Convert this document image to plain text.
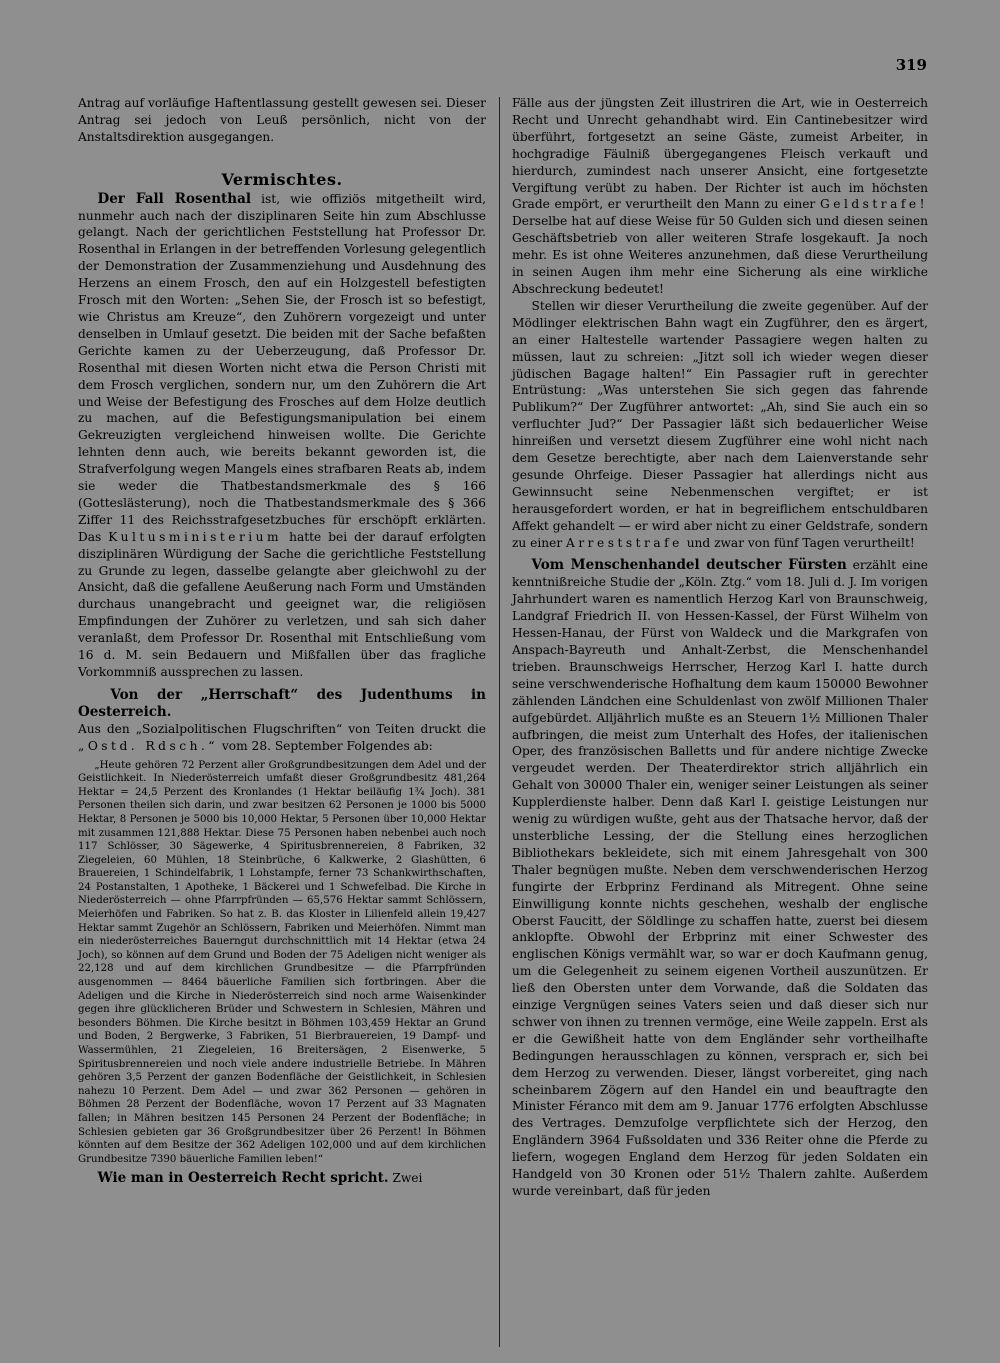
319

Antrag auf vorläufige Haftentlassung gestellt gewesen sei. Dieser Antrag sei jedoch von Leuß persönlich, nicht von der Anstaltsdirektion ausgegangen.

Vermischtes.

Der Fall Rosenthal ist, wie offiziös mitgetheilt wird, nunmehr auch nach der disziplinaren Seite hin zum Abschlusse gelangt. Nach der gerichtlichen Feststellung hat Professor Dr. Rosenthal in Erlangen in der betreffenden Vorlesung gelegentlich der Demonstration der Zusammenziehung und Ausdehnung des Herzens an einem Frosch, den auf ein Holzgestell befestigten Frosch mit den Worten: „Sehen Sie, der Frosch ist so befestigt, wie Christus am Kreuze“, den Zuhörern vorgezeigt und unter denselben in Umlauf gesetzt. Die beiden mit der Sache befaßten Gerichte kamen zu der Ueberzeugung, daß Professor Dr. Rosenthal mit diesen Worten nicht etwa die Person Christi mit dem Frosch verglichen, sondern nur, um den Zuhörern die Art und Weise der Befestigung des Frosches auf dem Holze deutlich zu machen, auf die Befestigungsmanipulation bei einem Gekreuzigten vergleichend hinweisen wollte. Die Gerichte lehnten denn auch, wie bereits bekannt geworden ist, die Strafverfolgung wegen Mangels eines strafbaren Reats ab, indem sie weder die Thatbestandsmerkmale des § 166 (Gotteslästerung), noch die Thatbestandsmerkmale des § 366 Ziffer 11 des Reichsstrafgesetzbuches für erschöpft erklärten. Das Kultusministerium hatte bei der darauf erfolgten disziplinären Würdigung der Sache die gerichtliche Feststellung zu Grunde zu legen, dasselbe gelangte aber gleichwohl zu der Ansicht, daß die gefallene Aeußerung nach Form und Umständen durchaus unangebracht und geeignet war, die religiösen Empfindungen der Zuhörer zu verletzen, und sah sich daher veranlaßt, dem Professor Dr. Rosenthal mit Entschließung vom 16 d. M. sein Bedauern und Mißfallen über das fragliche Vorkommniß aussprechen zu lassen.

Von der „Herrschaft“ des Judenthums in Oesterreich.

Aus den „Sozialpolitischen Flugschriften“ von Teiten druckt die „Ostd. Rdsch.“ vom 28. September Folgendes ab:

„Heute gehören 72 Perzent aller Großgrundbesitzungen dem Adel und der Geistlichkeit. In Niederösterreich umfaßt dieser Großgrundbesitz 481,264 Hektar = 24,5 Perzent des Kronlandes (1 Hektar beiläufig 1¾ Joch). 381 Personen theilen sich darin, und zwar besitzen 62 Personen je 1000 bis 5000 Hektar, 8 Personen je 5000 bis 10,000 Hektar, 5 Personen über 10,000 Hektar mit zusammen 121,888 Hektar. Diese 75 Personen haben nebenbei auch noch 117 Schlösser, 30 Sägewerke, 4 Spiritusbrennereien, 8 Fabriken, 32 Ziegeleien, 60 Mühlen, 18 Steinbrüche, 6 Kalkwerke, 2 Glashütten, 6 Brauereien, 1 Schindelfabrik, 1 Lohstampfe, ferner 73 Schankwirthschaften, 24 Postanstalten, 1 Apotheke, 1 Bäckerei und 1 Schwefelbad. Die Kirche in Niederösterreich — ohne Pfarrpfründen — 65,576 Hektar sammt Schlössern, Meierhöfen und Fabriken. So hat z. B. das Kloster in Lilienfeld allein 19,427 Hektar sammt Zugehör an Schlössern, Fabriken und Meierhöfen. Nimmt man ein niederösterreiches Bauerngut durchschnittlich mit 14 Hektar (etwa 24 Joch), so können auf dem Grund und Boden der 75 Adeligen nicht weniger als 22,128 und auf dem kirchlichen Grundbesitze — die Pfarrpfründen ausgenommen — 8464 bäuerliche Familien sich fortbringen. Aber die Adeligen und die Kirche in Niederösterreich sind noch arme Waisenkinder gegen ihre glücklicheren Brüder und Schwestern in Schlesien, Mähren und besonders Böhmen. Die Kirche besitzt in Böhmen 103,459 Hektar an Grund und Boden, 2 Bergwerke, 3 Fabriken, 51 Bierbrauereien, 19 Dampf- und Wassermühlen, 21 Ziegeleien, 16 Breitersägen, 2 Eisenwerke, 5 Spiritusbrennereien und noch viele andere industrielle Betriebe. In Mähren gehören 3,5 Perzent der ganzen Bodenfläche der Geistlichkeit, in Schlesien nahezu 10 Perzent. Dem Adel — und zwar 362 Personen — gehören in Böhmen 28 Perzent der Bodenfläche, wovon 17 Perzent auf 33 Magnaten fallen; in Mähren besitzen 145 Personen 24 Perzent der Bodenfläche; in Schlesien gebieten gar 36 Großgrundbesitzer über 26 Perzent! In Böhmen könnten auf dem Besitze der 362 Adeligen 102,000 und auf dem kirchlichen Grundbesitze 7390 bäuerliche Familien leben!“

Wie man in Oesterreich Recht spricht. Zwei

Fälle aus der jüngsten Zeit illustriren die Art, wie in Oesterreich Recht und Unrecht gehandhabt wird. Ein Cantinebesitzer wird überführt, fortgesetzt an seine Gäste, zumeist Arbeiter, in hochgradige Fäulniß übergegangenes Fleisch verkauft und hierdurch, zumindest nach unserer Ansicht, eine fortgesetzte Vergiftung verübt zu haben. Der Richter ist auch im höchsten Grade empört, er verurtheilt den Mann zu einer Geldstrafe! Derselbe hat auf diese Weise für 50 Gulden sich und diesen seinen Geschäftsbetrieb von aller weiteren Strafe losgekauft. Ja noch mehr. Es ist ohne Weiteres anzunehmen, daß diese Verurtheilung in seinen Augen ihm mehr eine Sicherung als eine wirkliche Abschreckung bedeutet!

Stellen wir dieser Verurtheilung die zweite gegenüber. Auf der Mödlinger elektrischen Bahn wagt ein Zugführer, den es ärgert, an einer Haltestelle wartender Passagiere wegen halten zu müssen, laut zu schreien: „Jitzt soll ich wieder wegen dieser jüdischen Bagage halten!“ Ein Passagier ruft in gerechter Entrüstung: „Was unterstehen Sie sich gegen das fahrende Publikum?“ Der Zugführer antwortet: „Ah, sind Sie auch ein so verfluchter Jud?“ Der Passagier läßt sich bedauerlicher Weise hinreißen und versetzt diesem Zugführer eine wohl nicht nach dem Gesetze berechtigte, aber nach dem Laienverstande sehr gesunde Ohrfeige. Dieser Passagier hat allerdings nicht aus Gewinnsucht seine Nebenmenschen vergiftet; er ist herausgefordert worden, er hat in begreiflichem entschuldbaren Affekt gehandelt — er wird aber nicht zu einer Geldstrafe, sondern zu einer Arreststrafe und zwar von fünf Tagen verurtheilt!

Vom Menschenhandel deutscher Fürsten erzählt eine kenntnißreiche Studie der „Köln. Ztg.“ vom 18. Juli d. J. Im vorigen Jahrhundert waren es namentlich Herzog Karl von Braunschweig, Landgraf Friedrich II. von Hessen-Kassel, der Fürst Wilhelm von Hessen-Hanau, der Fürst von Waldeck und die Markgrafen von Anspach-Bayreuth und Anhalt-Zerbst, die Menschenhandel trieben. Braunschweigs Herrscher, Herzog Karl I. hatte durch seine verschwenderische Hofhaltung dem kaum 150000 Bewohner zählenden Ländchen eine Schuldenlast von zwölf Millionen Thaler aufgebürdet. Alljährlich mußte es an Steuern 1½ Millionen Thaler aufbringen, die meist zum Unterhalt des Hofes, der italienischen Oper, des französischen Balletts und für andere nichtige Zwecke vergeudet werden. Der Theaterdirektor strich alljährlich ein Gehalt von 30000 Thaler ein, weniger seiner Leistungen als seiner Kupplerdienste halber. Denn daß Karl I. geistige Leistungen nur wenig zu würdigen wußte, geht aus der Thatsache hervor, daß der unsterbliche Lessing, der die Stellung eines herzoglichen Bibliothekars bekleidete, sich mit einem Jahresgehalt von 300 Thaler begnügen mußte. Neben dem verschwenderischen Herzog fungirte der Erbprinz Ferdinand als Mitregent. Ohne seine Einwilligung konnte nichts geschehen, weshalb der englische Oberst Faucitt, der Söldlinge zu schaffen hatte, zuerst bei diesem anklopfte. Obwohl der Erbprinz mit einer Schwester des englischen Königs vermählt war, so war er doch Kaufmann genug, um die Gelegenheit zu seinem eigenen Vortheil auszunützen. Er ließ den Obersten unter dem Vorwande, daß die Soldaten das einzige Vergnügen seines Vaters seien und daß dieser sich nur schwer von ihnen zu trennen vermöge, eine Weile zappeln. Erst als er die Gewißheit hatte von dem Engländer sehr vortheilhafte Bedingungen herausschlagen zu können, versprach er, sich bei dem Herzog zu verwenden. Dieser, längst vorbereitet, ging nach scheinbarem Zögern auf den Handel ein und beauftragte den Minister Féranco mit dem am 9. Januar 1776 erfolgten Abschlusse des Vertrages. Demzufolge verpflichtete sich der Herzog, den Engländern 3964 Fußsoldaten und 336 Reiter ohne die Pferde zu liefern, wogegen England dem Herzog für jeden Soldaten ein Handgeld von 30 Kronen oder 51½ Thalern zahlte. Außerdem wurde vereinbart, daß für jeden
